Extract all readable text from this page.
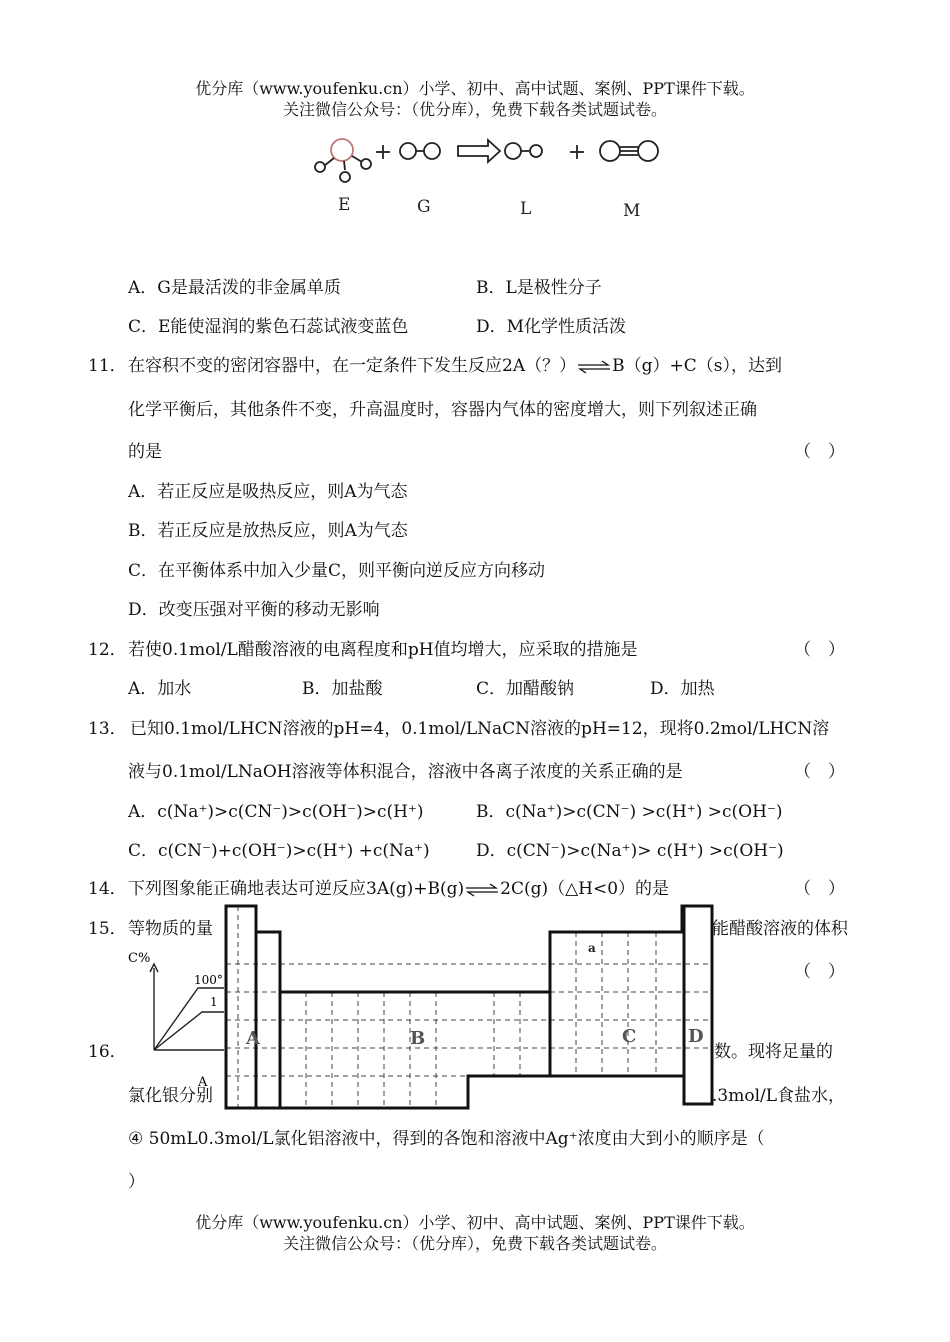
优分库（www.youfenku.cn）小学、初中、高中试题、案例、PPT课件下载。
关注微信公众号：（优分库），免费下载各类试题试卷。
E	G	L	M
A．G是最活泼的非金属单质	B．L是极性分子
C．E能使湿润的紫色石蕊试液变蓝色	D．M化学性质活泼
11． 在容积不变的密闭容器中，在一定条件下发生反应2A（？）⇌B（g）+C（s），达到
化学平衡后，其他条件不变，升高温度时，容器内气体的密度增大，则下列叙述正确
的是	（　）
A．若正反应是吸热反应，则A为气态
B．若正反应是放热反应，则A为气态
C．在平衡体系中加入少量C，则平衡向逆反应方向移动
D．改变压强对平衡的移动无影响
12． 若使0.1mol/L醋酸溶液的电离程度和pH值均增大，应采取的措施是	（　）
A．加水	B．加盐酸	C．加醋酸钠	D．加热
13． 已知0.1mol/LHCN溶液的pH=4，0.1mol/LNaCN溶液的pH=12，现将0.2mol/LHCN溶
液与0.1mol/LNaOH溶液等体积混合，溶液中各离子浓度的关系正确的是	（　）
A．c(Na⁺)>c(CN⁻)>c(OH⁻)>c(H⁺)	B．c(Na⁺)>c(CN⁻) >c(H⁺) >c(OH⁻)
C．c(CN⁻)+c(OH⁻)>c(H⁺) +c(Na⁺)	D．c(CN⁻)>c(Na⁺)> c(H⁺) >c(OH⁻)
14． 下列图象能正确地表达可逆反应3A(g)+B(g)⇌2C(g)（△H<0）的是	（　）
15． 等物质的量	能醋酸溶液的体积
（　）
16．	数。现将足量的
氯化银分别	.3mol/L食盐水，
④ 50mL0.3mol/L氯化铝溶液中，得到的各饱和溶液中Ag⁺浓度由大到小的顺序是（
）
C%
100°
1
A
A	B	C	D
a
优分库（www.youfenku.cn）小学、初中、高中试题、案例、PPT课件下载。
关注微信公众号：（优分库），免费下载各类试题试卷。
